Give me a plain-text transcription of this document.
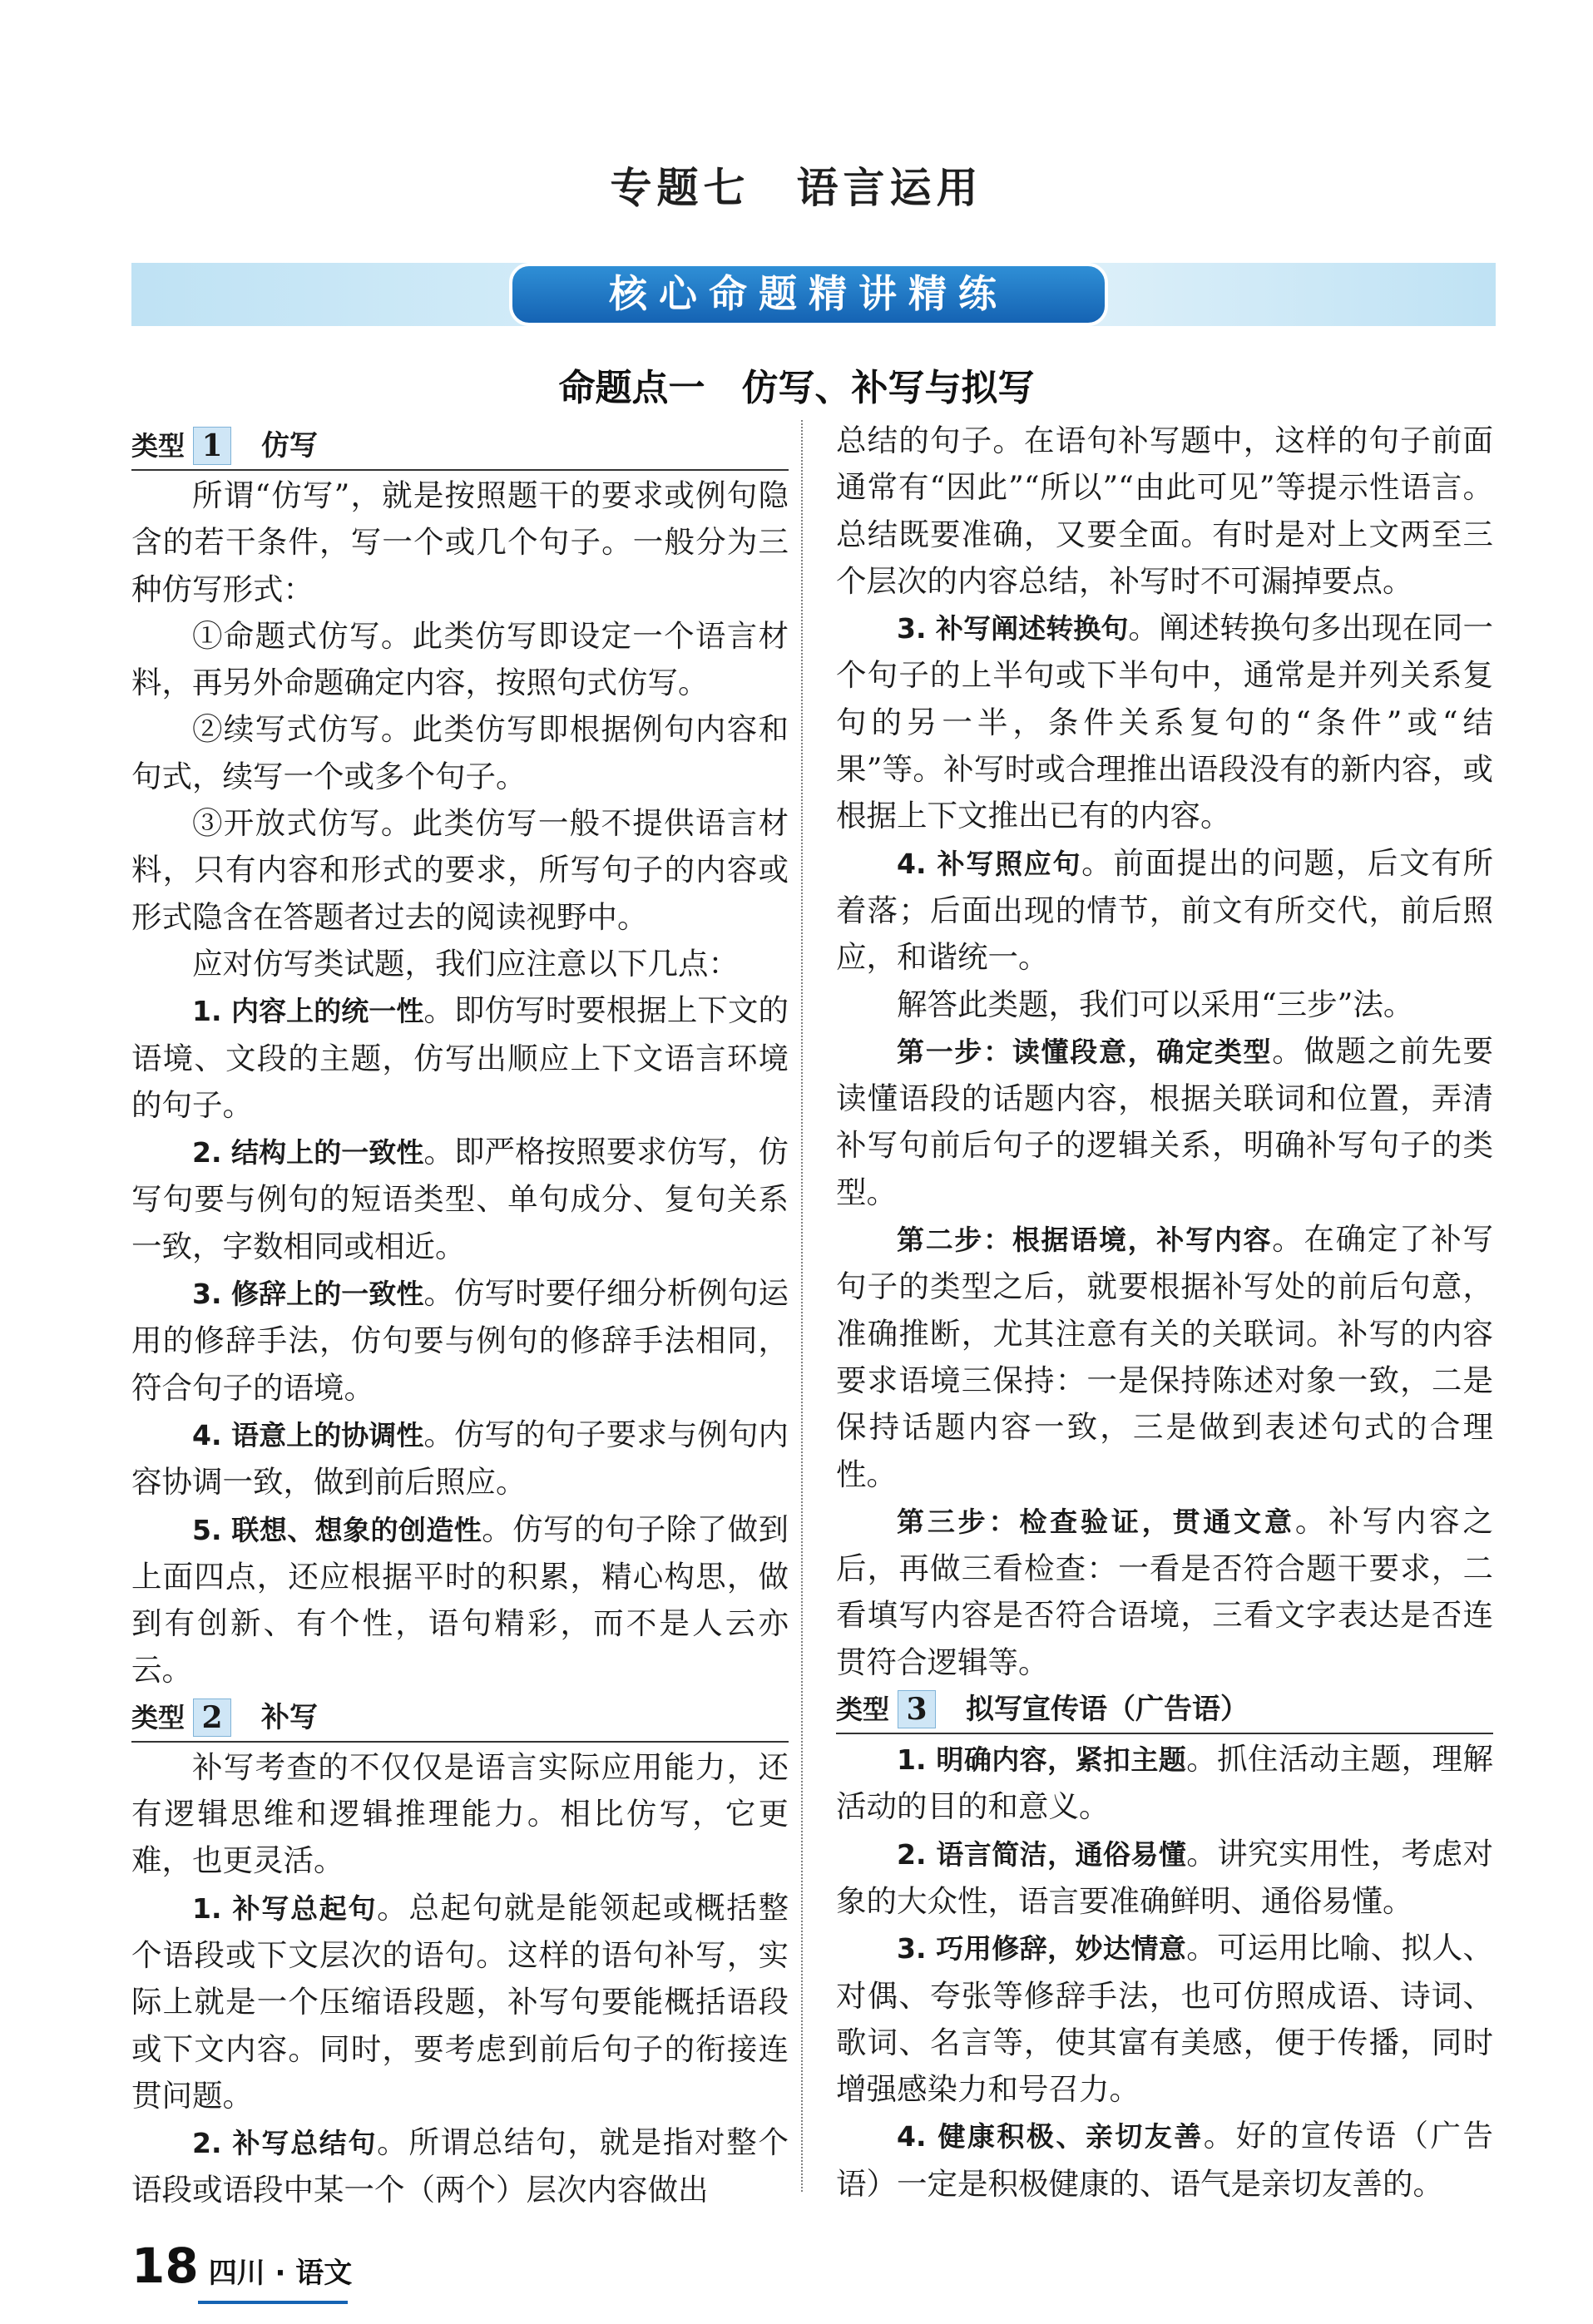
专题七　语言运用
核心命题精讲精练
命题点一　仿写、补写与拟写
类型 1	仿写

所谓“仿写”，就是按照题干的要求或例句隐含的若干条件，写一个或几个句子。一般分为三种仿写形式：

①命题式仿写。此类仿写即设定一个语言材料，再另外命题确定内容，按照句式仿写。

②续写式仿写。此类仿写即根据例句内容和句式，续写一个或多个句子。

③开放式仿写。此类仿写一般不提供语言材料，只有内容和形式的要求，所写句子的内容或形式隐含在答题者过去的阅读视野中。

应对仿写类试题，我们应注意以下几点：

1. 内容上的统一性。即仿写时要根据上下文的语境、文段的主题，仿写出顺应上下文语言环境的句子。

2. 结构上的一致性。即严格按照要求仿写，仿写句要与例句的短语类型、单句成分、复句关系一致，字数相同或相近。

3. 修辞上的一致性。仿写时要仔细分析例句运用的修辞手法，仿句要与例句的修辞手法相同，符合句子的语境。

4. 语意上的协调性。仿写的句子要求与例句内容协调一致，做到前后照应。

5. 联想、想象的创造性。仿写的句子除了做到上面四点，还应根据平时的积累，精心构思，做到有创新、有个性，语句精彩，而不是人云亦云。

类型 2	补写

补写考查的不仅仅是语言实际应用能力，还有逻辑思维和逻辑推理能力。相比仿写，它更难，也更灵活。

1. 补写总起句。总起句就是能领起或概括整个语段或下文层次的语句。这样的语句补写，实际上就是一个压缩语段题，补写句要能概括语段或下文内容。同时，要考虑到前后句子的衔接连贯问题。

2. 补写总结句。所谓总结句，就是指对整个语段或语段中某一个（两个）层次内容做出

总结的句子。在语句补写题中，这样的句子前面通常有“因此”“所以”“由此可见”等提示性语言。总结既要准确，又要全面。有时是对上文两至三个层次的内容总结，补写时不可漏掉要点。

3. 补写阐述转换句。阐述转换句多出现在同一个句子的上半句或下半句中，通常是并列关系复句的另一半，条件关系复句的“条件”或“结果”等。补写时或合理推出语段没有的新内容，或根据上下文推出已有的内容。

4. 补写照应句。前面提出的问题，后文有所着落；后面出现的情节，前文有所交代，前后照应，和谐统一。

解答此类题，我们可以采用“三步”法。

第一步：读懂段意，确定类型。做题之前先要读懂语段的话题内容，根据关联词和位置，弄清补写句前后句子的逻辑关系，明确补写句子的类型。

第二步：根据语境，补写内容。在确定了补写句子的类型之后，就要根据补写处的前后句意，准确推断，尤其注意有关的关联词。补写的内容要求语境三保持：一是保持陈述对象一致，二是保持话题内容一致，三是做到表述句式的合理性。

第三步：检查验证，贯通文意。补写内容之后，再做三看检查：一看是否符合题干要求，二看填写内容是否符合语境，三看文字表达是否连贯符合逻辑等。

类型 3	拟写宣传语（广告语）

1. 明确内容，紧扣主题。抓住活动主题，理解活动的目的和意义。

2. 语言简洁，通俗易懂。讲究实用性，考虑对象的大众性，语言要准确鲜明、通俗易懂。

3. 巧用修辞，妙达情意。可运用比喻、拟人、对偶、夸张等修辞手法，也可仿照成语、诗词、歌词、名言等，使其富有美感，便于传播，同时增强感染力和号召力。

4. 健康积极、亲切友善。好的宣传语（广告语）一定是积极健康的、语气是亲切友善的。

18 四川 · 语文
